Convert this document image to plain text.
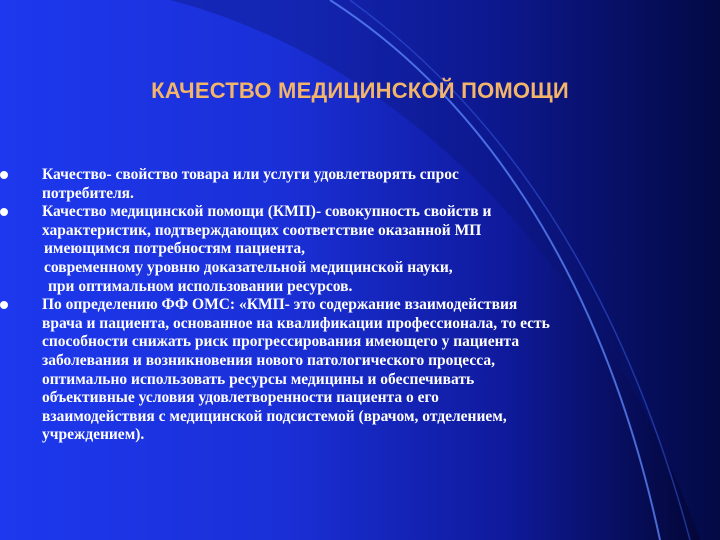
КАЧЕСТВО МЕДИЦИНСКОЙ ПОМОЩИ
Качество- свойство товара или услуги удовлетворять спрос
потребителя.
Качество медицинской помощи (КМП)- совокупность свойств и
характеристик, подтверждающих соответствие оказанной МП
имеющимся потребностям пациента,
современному уровню доказательной медицинской науки,
при оптимальном использовании ресурсов.
По определению ФФ ОМС: «КМП- это содержание взаимодействия
врача и пациента, основанное на квалификации профессионала, то есть
способности снижать риск прогрессирования имеющего у пациента
заболевания и возникновения нового патологического процесса,
оптимально использовать ресурсы медицины и обеспечивать
объективные условия удовлетворенности пациента о его
взаимодействия с медицинской подсистемой (врачом, отделением,
учреждением).
